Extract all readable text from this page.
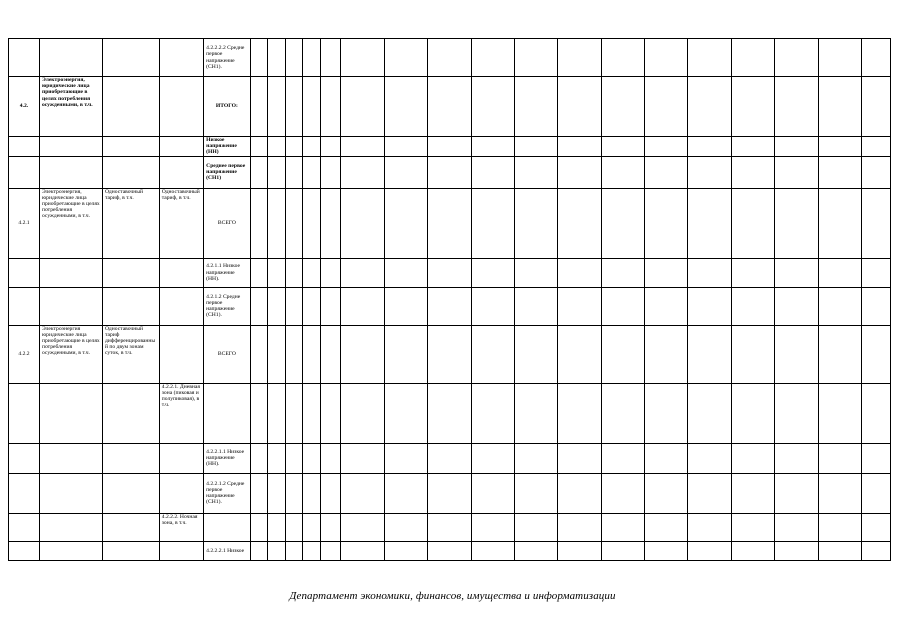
				4.2.2.2.2 Средне первое напряжение (СН1).																		
4.2.	Электроэнергия, юридические лица приобретающие в целях потребления осужденными, в т.ч.			ИТОГО:																		
				Низкое напряжение (НН)																		
				Среднее первое напряжение (СН1)																		
4.2.1	Электроэнергия, юридические лица приобретающие в целях потребления осужденными, в т.ч.	Одноставочный тариф, в т.ч.	Одноставочный тариф, в т.ч.	ВСЕГО																		
				4.2.1.1 Низкое напряжение (НН).																		
				4.2.1.2 Средне первое напряжение (СН1).																		
4.2.2	Электроэнергия юридические лица приобретающие в целях потребления осужденными, в т.ч.	Одноставочный тариф дифференцированный по двум зонам суток, в т.ч.		ВСЕГО																		
			4.2.2.1. Дневная зона (пиковая и полупиковая), в т.ч.																			
				4.2.2.1.1 Низкое напряжение (НН).																		
				4.2.2.1.2 Средне первое напряжение (СН1).																		
			4.2.2.2. Ночная зона, в т.ч.																			
				4.2.2.2.1 Низкое																		
Департамент экономики, финансов, имущества и информатизации
